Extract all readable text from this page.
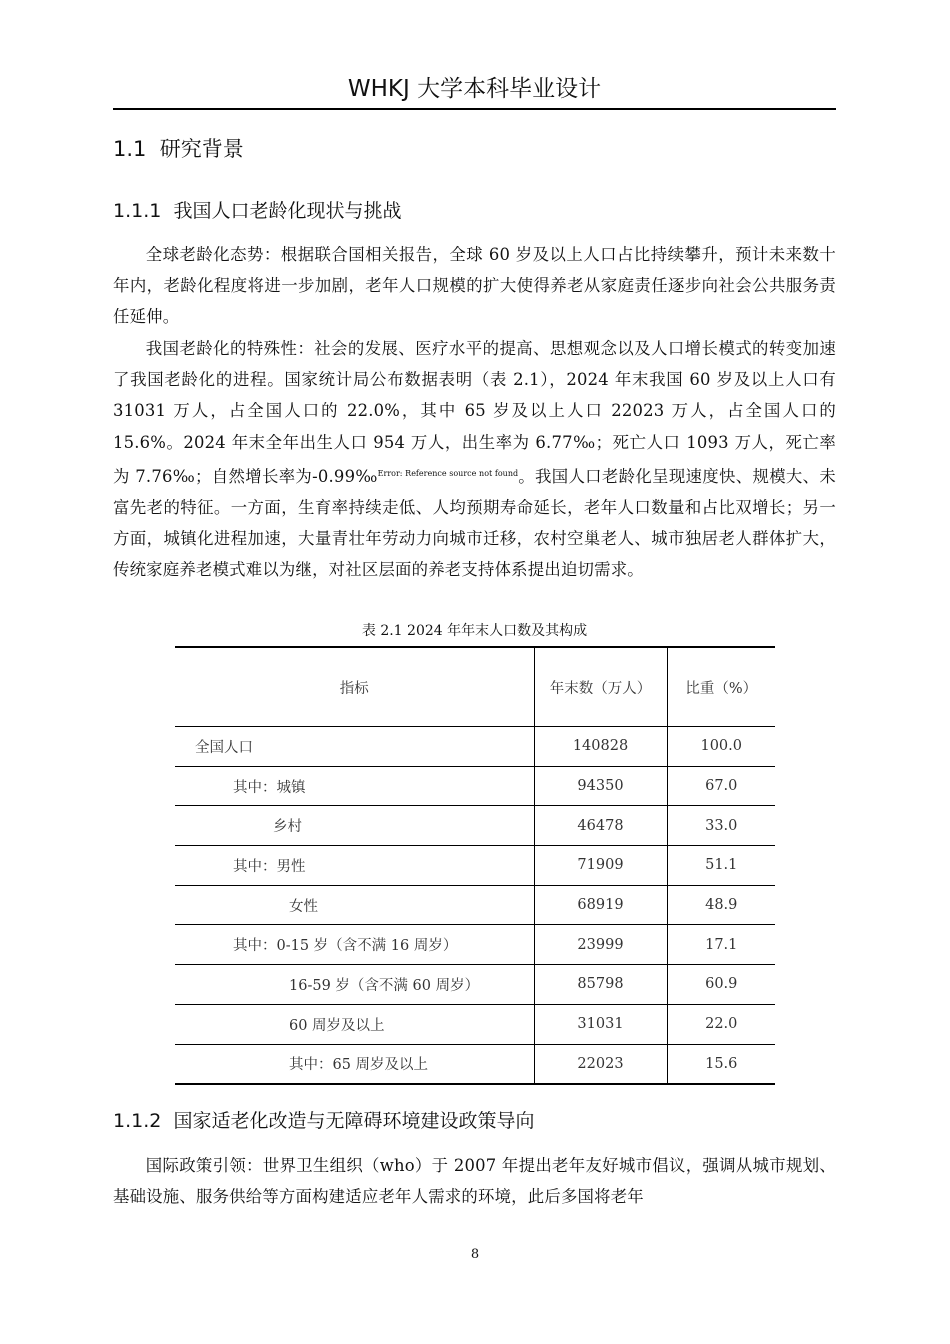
WHKJ 大学本科毕业设计
1.1 研究背景
1.1.1 我国人口老龄化现状与挑战

全球老龄化态势：根据联合国相关报告，全球 60 岁及以上人口占比持续攀升，预计未来数十年内，老龄化程度将进一步加剧，老年人口规模的扩大使得养老从家庭责任逐步向社会公共服务责任延伸。

我国老龄化的特殊性：社会的发展、医疗水平的提高、思想观念以及人口增长模式的转变加速了我国老龄化的进程。国家统计局公布数据表明（表 2.1），2024 年末我国 60 岁及以上人口有 31031 万人，占全国人口的 22.0%，其中 65 岁及以上人口 22023 万人，占全国人口的 15.6%。2024 年末全年出生人口 954 万人，出生率为 6.77‰；死亡人口 1093 万人，死亡率为 7.76‰；自然增长率为-0.99‰$^{Error: Reference source not found}$。我国人口老龄化呈现速度快、规模大、未富先老的特征。一方面，生育率持续走低、人均预期寿命延长，老年人口数量和占比双增长；另一方面，城镇化进程加速，大量青壮年劳动力向城市迁移，农村空巢老人、城市独居老人群体扩大，传统家庭养老模式难以为继，对社区层面的养老支持体系提出迫切需求。

表 2.1 2024 年年末人口数及其构成
指标	年末数（万人）	比重（%）
全国人口	140828	100.0
其中：城镇	94350	67.0
乡村	46478	33.0
其中：男性	71909	51.1
女性	68919	48.9
其中：0-15 岁（含不满 16 周岁）	23999	17.1
16-59 岁（含不满 60 周岁）	85798	60.9
60 周岁及以上	31031	22.0
其中：65 周岁及以上	22023	15.6
1.1.2 国家适老化改造与无障碍环境建设政策导向

国际政策引领：世界卫生组织（who）于 2007 年提出老年友好城市倡议，强调从城市规划、基础设施、服务供给等方面构建适应老年人需求的环境，此后多国将老年

8
